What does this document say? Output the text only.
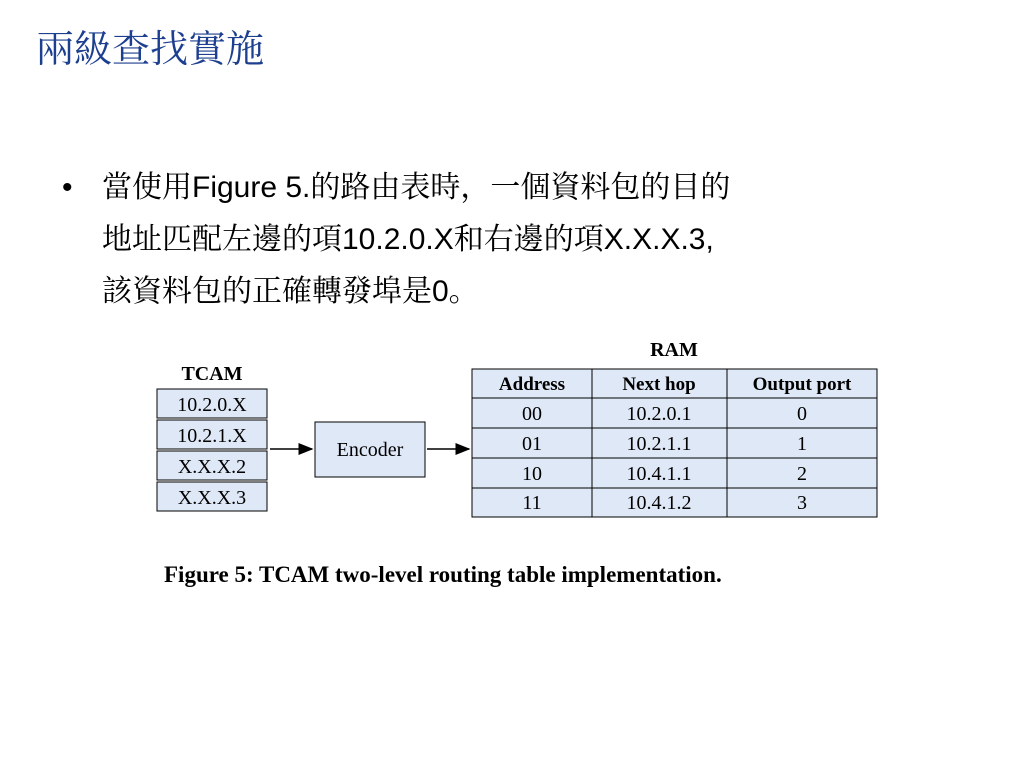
兩級查找實施
• 當使用Figure 5.的路由表時，一個資料包的目的
地址匹配左邊的項10.2.0.X和右邊的項X.X.X.3,
該資料包的正確轉發埠是0。

TCAM
10.2.0.X
10.2.1.X
X.X.X.2
X.X.X.3
Encoder
RAM
Address	Next hop	Output port
00	10.2.0.1	0
01	10.2.1.1	1
10	10.4.1.1	2
11	10.4.1.2	3
Figure 5: TCAM two-level routing table implementation.
